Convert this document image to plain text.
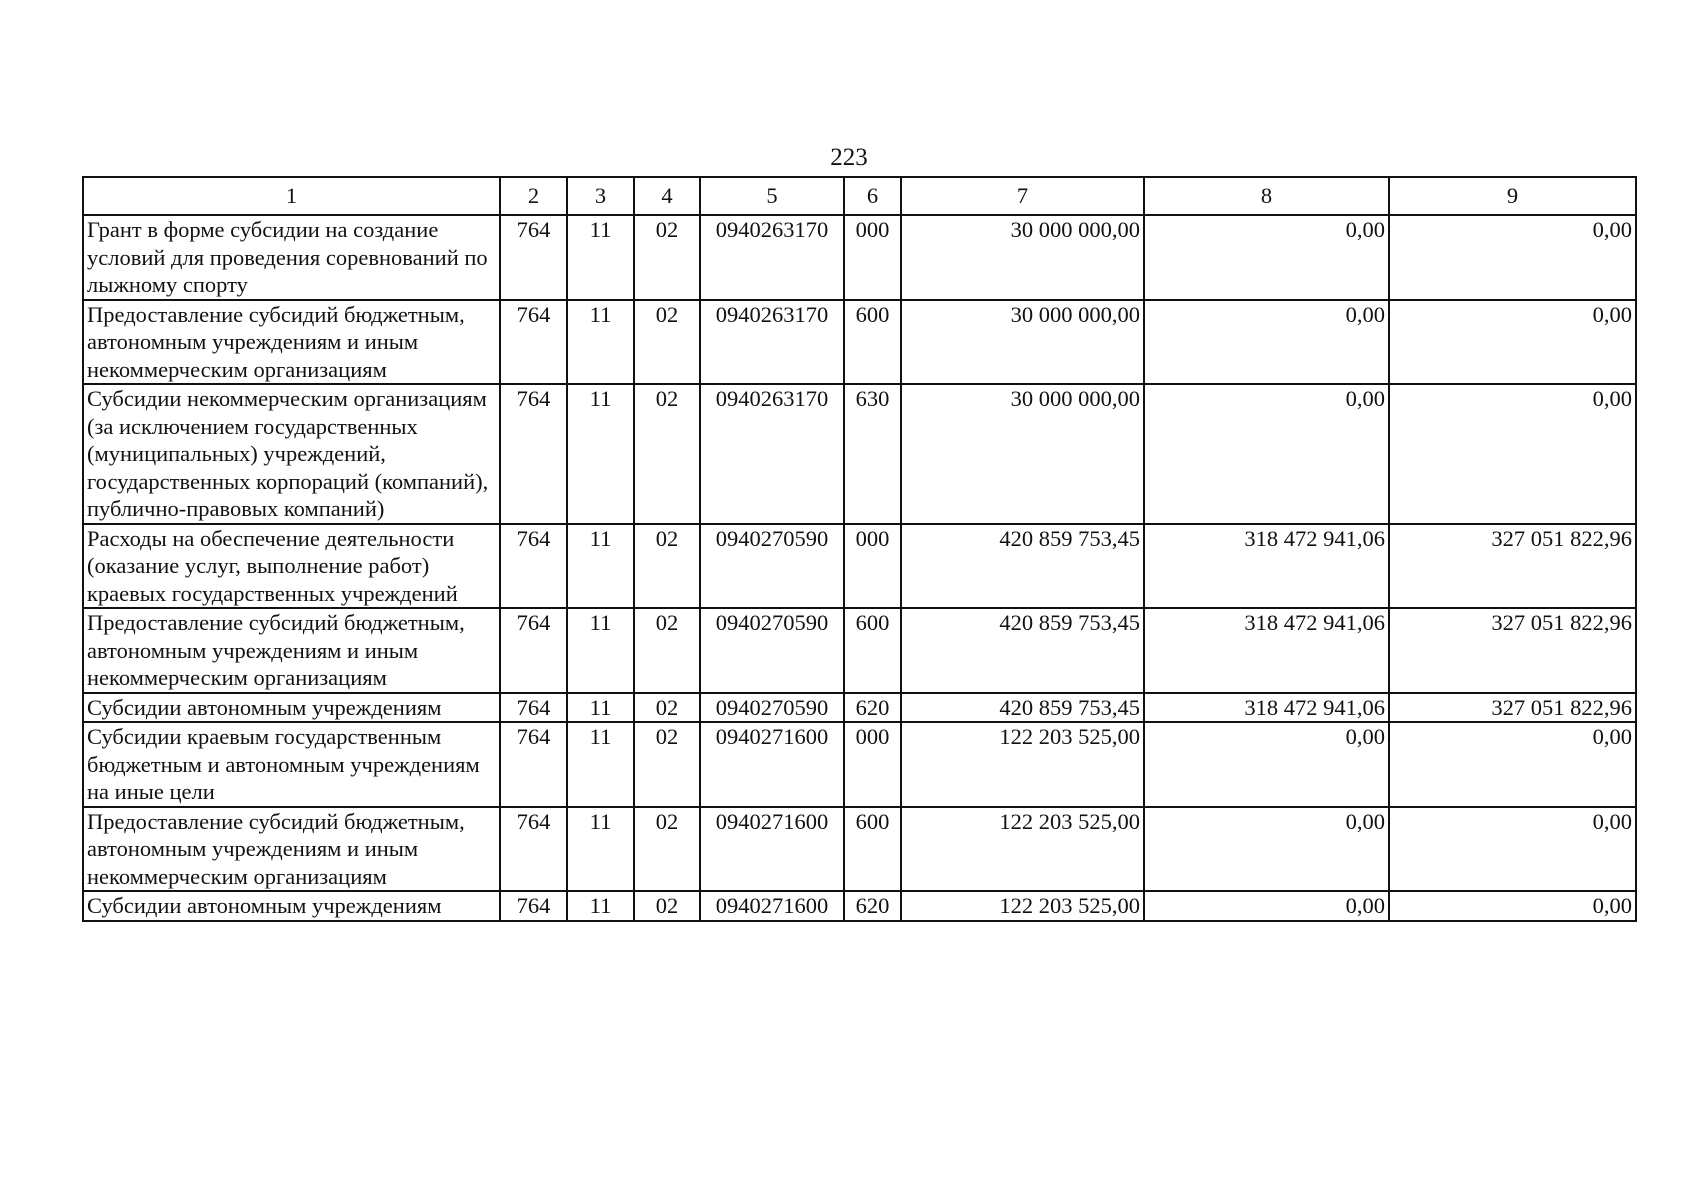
223
1	2	3	4	5	6	7	8	9
Грант в форме субсидии на создание условий для проведения соревнований по лыжному спорту	764	11	02	0940263170	000	30 000 000,00	0,00	0,00
Предоставление субсидий бюджетным, автономным учреждениям и иным некоммерческим организациям	764	11	02	0940263170	600	30 000 000,00	0,00	0,00
Субсидии некоммерческим организациям (за исключением государственных (муниципальных) учреждений, государственных корпораций (компаний), публично-правовых компаний)	764	11	02	0940263170	630	30 000 000,00	0,00	0,00
Расходы на обеспечение деятельности (оказание услуг, выполнение работ) краевых государственных учреждений	764	11	02	0940270590	000	420 859 753,45	318 472 941,06	327 051 822,96
Предоставление субсидий бюджетным, автономным учреждениям и иным некоммерческим организациям	764	11	02	0940270590	600	420 859 753,45	318 472 941,06	327 051 822,96
Субсидии автономным учреждениям	764	11	02	0940270590	620	420 859 753,45	318 472 941,06	327 051 822,96
Субсидии краевым государственным бюджетным и автономным учреждениям на иные цели	764	11	02	0940271600	000	122 203 525,00	0,00	0,00
Предоставление субсидий бюджетным, автономным учреждениям и иным некоммерческим организациям	764	11	02	0940271600	600	122 203 525,00	0,00	0,00
Субсидии автономным учреждениям	764	11	02	0940271600	620	122 203 525,00	0,00	0,00
